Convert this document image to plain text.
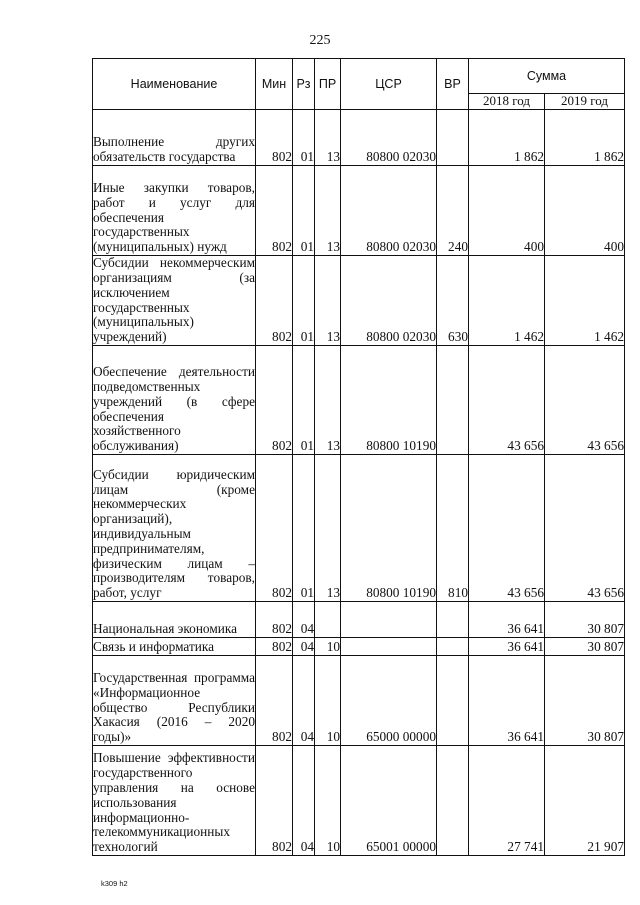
225
Наименование	Мин	Рз	ПР	ЦСР	ВР	Сумма	
						2018 год	2019 год
Выполнение других обязательств государства	802	01	13	80800 02030		1 862	1 862
Иные закупки товаров, работ и услуг для обеспечения государственных (муниципальных) нужд	802	01	13	80800 02030	240	400	400
Субсидии некоммерческим организациям (за исключением государственных (муниципальных) учреждений)	802	01	13	80800 02030	630	1 462	1 462
Обеспечение деятельности подведомственных учреждений (в сфере обеспечения хозяйственного обслуживания)	802	01	13	80800 10190		43 656	43 656
Субсидии юридическим лицам (кроме некоммерческих организаций), индивидуальным предпринимателям, физическим лицам – производителям товаров, работ, услуг	802	01	13	80800 10190	810	43 656	43 656
Национальная экономика	802	04				36 641	30 807
Связь и информатика	802	04	10			36 641	30 807
Государственная программа «Информационное общество Республики Хакасия (2016 – 2020 годы)»	802	04	10	65000 00000		36 641	30 807
Повышение эффективности государственного управления на основе использования информационно-телекоммуникационных технологий	802	04	10	65001 00000		27 741	21 907
k309 h2
